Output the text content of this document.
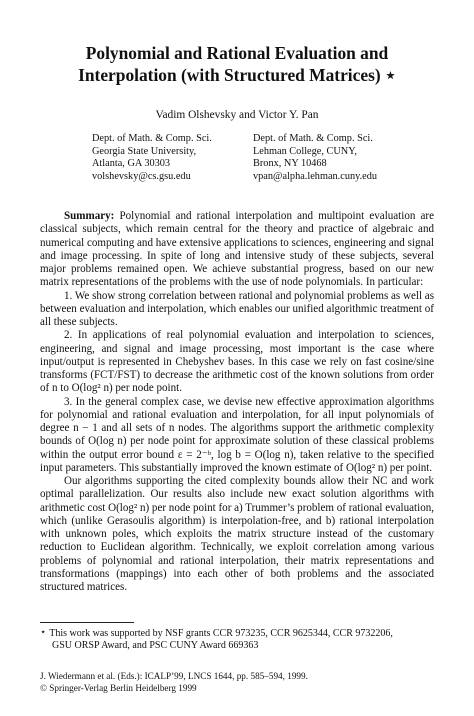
Polynomial and Rational Evaluation and
Interpolation (with Structured Matrices) ⋆
Vadim Olshevsky and Victor Y. Pan
Dept. of Math. & Comp. Sci.
Georgia State University,
Atlanta, GA 30303
volshevsky@cs.gsu.edu
Dept. of Math. & Comp. Sci.
Lehman College, CUNY,
Bronx, NY 10468
vpan@alpha.lehman.cuny.edu

Summary: Polynomial and rational interpolation and multipoint evaluation are classical subjects, which remain central for the theory and practice of algebraic and numerical computing and have extensive applications to sciences, engineering and signal and image processing. In spite of long and intensive study of these subjects, several major problems remained open. We achieve substantial progress, based on our new matrix representations of the problems with the use of node polynomials. In particular:

1. We show strong correlation between rational and polynomial problems as well as between evaluation and interpolation, which enables our unified algorithmic treatment of all these subjects.

2. In applications of real polynomial evaluation and interpolation to sciences, engineering, and signal and image processing, most important is the case where input/output is represented in Chebyshev bases. In this case we rely on fast cosine/sine transforms (FCT/FST) to decrease the arithmetic cost of the known solutions from order of n to O(log² n) per node point.

3. In the general complex case, we devise new effective approximation algorithms for polynomial and rational evaluation and interpolation, for all input polynomials of degree n − 1 and all sets of n nodes. The algorithms support the arithmetic complexity bounds of O(log n) per node point for approximate solution of these classical problems within the output error bound ε = 2⁻ᵇ, log b = O(log n), taken relative to the specified input parameters. This substantially improved the known estimate of O(log² n) per point.

Our algorithms supporting the cited complexity bounds allow their NC and work optimal parallelization. Our results also include new exact solution algorithms with arithmetic cost O(log² n) per node point for a) Trummer’s problem of rational evaluation, which (unlike Gerasoulis algorithm) is interpolation-free, and b) rational interpolation with unknown poles, which exploits the matrix structure instead of the customary reduction to Euclidean algorithm. Technically, we exploit correlation among various problems of polynomial and rational interpolation, their matrix representations and transformations (mappings) into each other of both problems and the associated structured matrices.

⋆ This work was supported by NSF grants CCR 973235, CCR 9625344, CCR 9732206,
GSU ORSP Award, and PSC CUNY Award 669363
J. Wiedermann et al. (Eds.): ICALP’99, LNCS 1644, pp. 585–594, 1999.
© Springer-Verlag Berlin Heidelberg 1999
